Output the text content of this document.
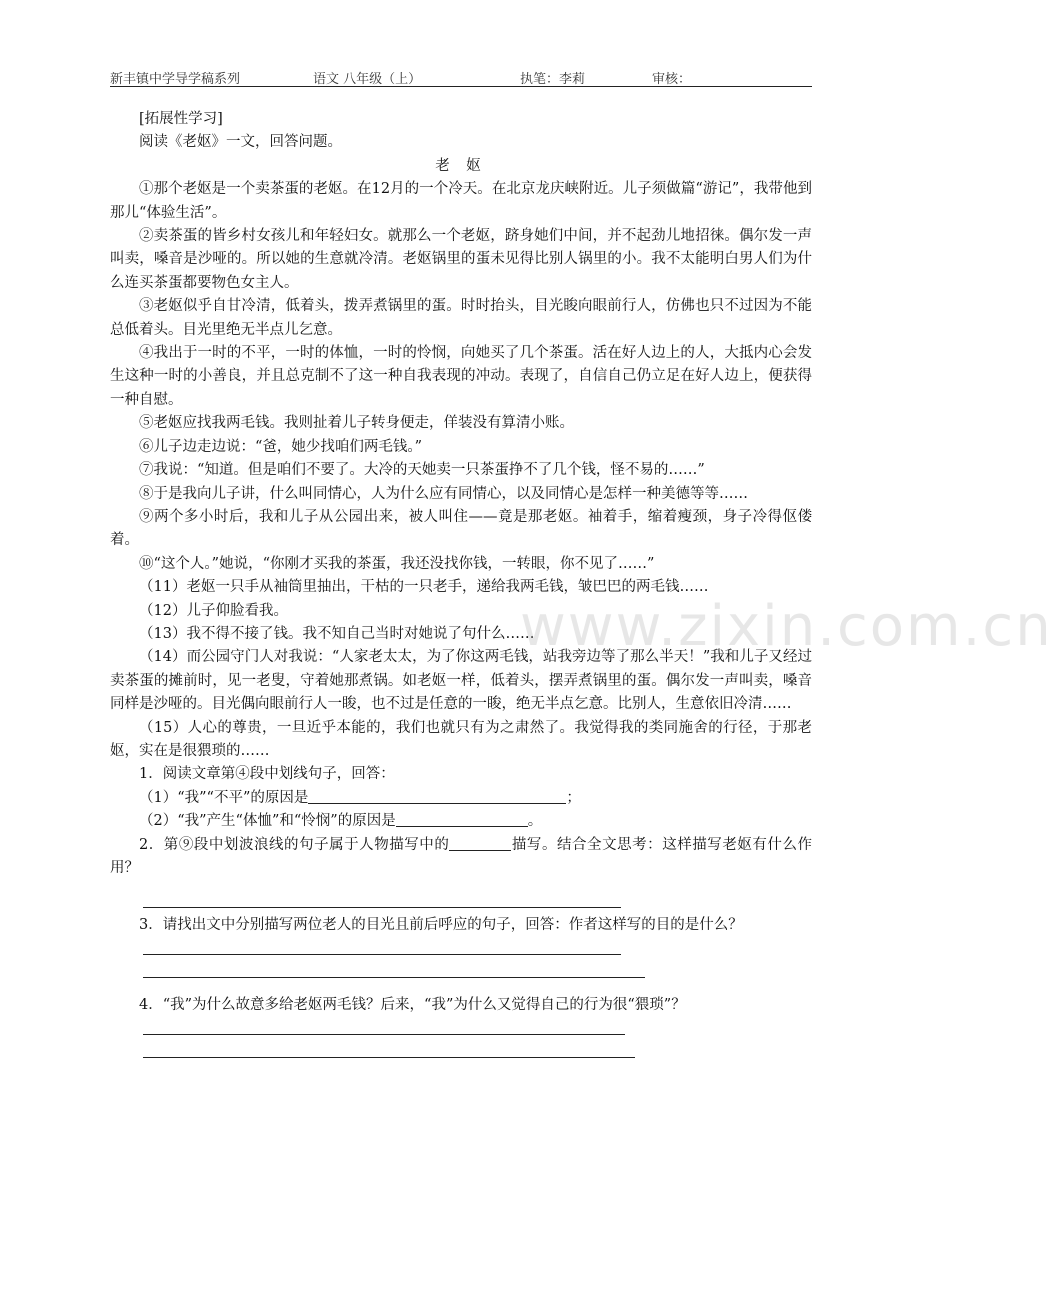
新丰镇中学导学稿系列	语文 八年级（上）	执笔：李莉	审核：

[拓展性学习]

阅读《老妪》一文，回答问题。

老 妪

①那个老妪是一个卖茶蛋的老妪。在12月的一个冷天。在北京龙庆峡附近。儿子须做篇“游记”，我带他到那儿“体验生活”。

②卖茶蛋的皆乡村女孩儿和年轻妇女。就那么一个老妪，跻身她们中间，并不起劲儿地招徕。偶尔发一声叫卖，嗓音是沙哑的。所以她的生意就冷清。老妪锅里的蛋未见得比别人锅里的小。我不太能明白男人们为什么连买茶蛋都要物色女主人。

③老妪似乎自甘冷清，低着头，拨弄煮锅里的蛋。时时抬头，目光睃向眼前行人，仿佛也只不过因为不能总低着头。目光里绝无半点儿乞意。

④我出于一时的不平，一时的体恤，一时的怜悯，向她买了几个茶蛋。活在好人边上的人，大抵内心会发生这种一时的小善良，并且总克制不了这一种自我表现的冲动。表现了，自信自己仍立足在好人边上，便获得一种自慰。

⑤老妪应找我两毛钱。我则扯着儿子转身便走，佯装没有算清小账。

⑥儿子边走边说：“爸，她少找咱们两毛钱。”

⑦我说：“知道。但是咱们不要了。大冷的天她卖一只茶蛋挣不了几个钱，怪不易的……”

⑧于是我向儿子讲，什么叫同情心，人为什么应有同情心，以及同情心是怎样一种美德等等……

⑨两个多小时后，我和儿子从公园出来，被人叫住——竟是那老妪。袖着手，缩着瘦颈，身子冷得伛偻着。

⑩“这个人。”她说，“你刚才买我的茶蛋，我还没找你钱，一转眼，你不见了……”

（11）老妪一只手从袖筒里抽出，干枯的一只老手，递给我两毛钱，皱巴巴的两毛钱……

（12）儿子仰脸看我。

（13）我不得不接了钱。我不知自己当时对她说了句什么……

（14）而公园守门人对我说：“人家老太太，为了你这两毛钱，站我旁边等了那么半天！”我和儿子又经过卖茶蛋的摊前时，见一老叟，守着她那煮锅。如老妪一样，低着头，摆弄煮锅里的蛋。偶尔发一声叫卖，嗓音同样是沙哑的。目光偶向眼前行人一睃，也不过是任意的一睃，绝无半点乞意。比别人，生意依旧冷清……

（15）人心的尊贵，一旦近乎本能的，我们也就只有为之肃然了。我觉得我的类同施舍的行径，于那老妪，实在是很猥琐的……

1．阅读文章第④段中划线句子，回答：

（1）“我”“不平”的原因是	；

（2）“我”产生“体恤”和“怜悯”的原因是	。

2．第⑨段中划波浪线的句子属于人物描写中的	描写。结合全文思考：这样描写老妪有什么作用？

3．请找出文中分别描写两位老人的目光且前后呼应的句子，回答：作者这样写的目的是什么？

4．“我”为什么故意多给老妪两毛钱？后来，“我”为什么又觉得自己的行为很“猥琐”？

www.zixin.com.cn
